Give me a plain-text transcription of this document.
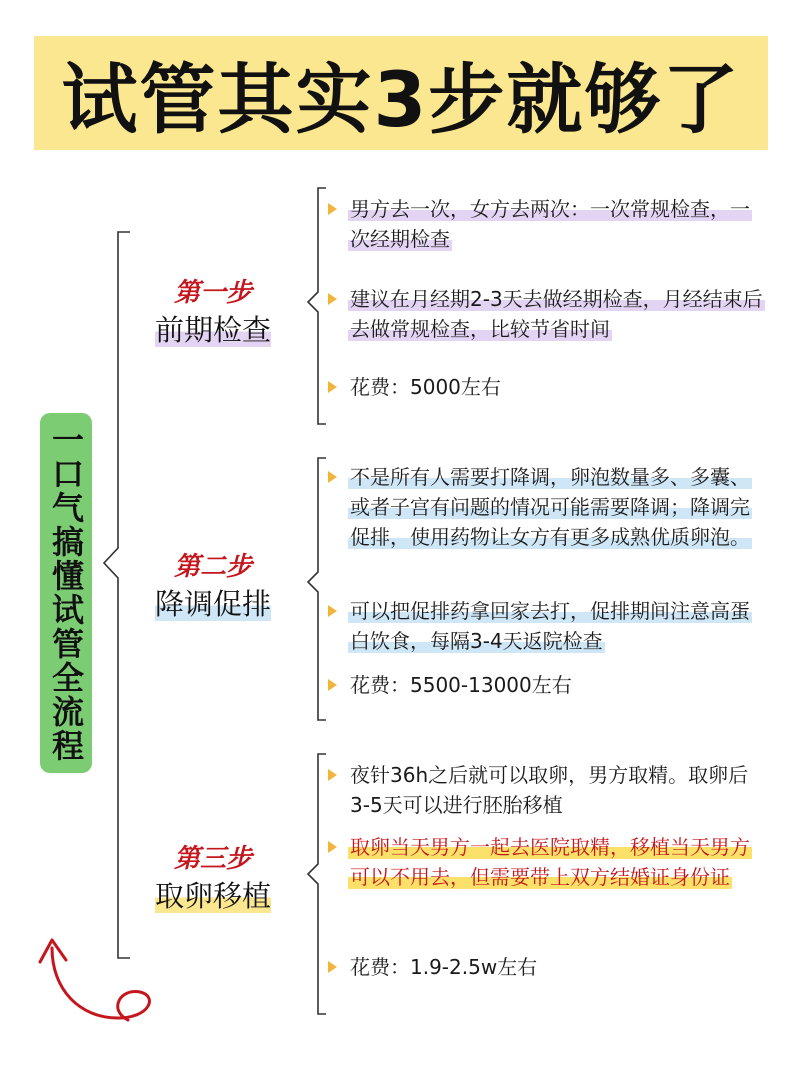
试管其实3步就够了
一口气搞懂试管全流程
第一步
前期检查
男方去一次，女方去两次：一次常规检查，一次经期检查
建议在月经期2-3天去做经期检查，月经结束后去做常规检查，比较节省时间
花费：5000左右
第二步
降调促排
不是所有人需要打降调，卵泡数量多、多囊、或者子宫有问题的情况可能需要降调；降调完促排，使用药物让女方有更多成熟优质卵泡。
可以把促排药拿回家去打，促排期间注意高蛋白饮食，每隔3-4天返院检查
花费：5500-13000左右
第三步
取卵移植
夜针36h之后就可以取卵，男方取精。取卵后3-5天可以进行胚胎移植
取卵当天男方一起去医院取精，移植当天男方可以不用去，但需要带上双方结婚证身份证
花费：1.9-2.5w左右
